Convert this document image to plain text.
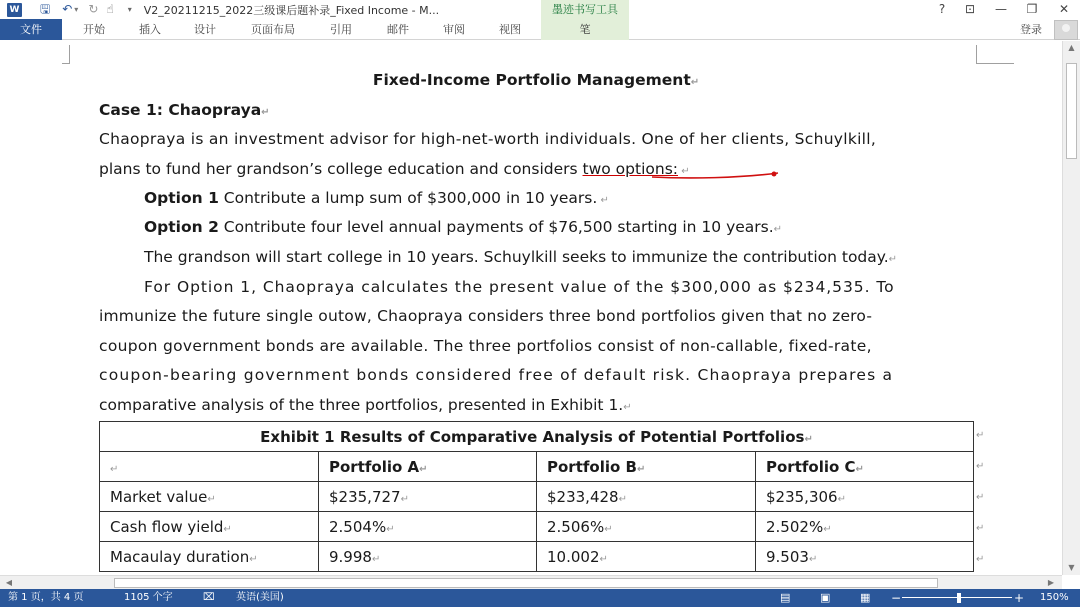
W 🖫 ↶ ▾ ↻ ☝ ▾ V2_20211215_2022三级课后题补录_Fixed Income - M...	墨迹书写工具	?	⊡	—	❐	✕
文件	开始	插入	设计	页面布局	引用	邮件	审阅	视图	笔	登录
Fixed-Income Portfolio Management↵
Case 1: Chaopraya↵
Chaopraya is an investment advisor for high-net-worth individuals. One of her clients, Schuylkill,
plans to fund her grandson’s college education and considers two options: ↵
Option 1 Contribute a lump sum of $300,000 in 10 years. ↵
Option 2 Contribute four level annual payments of $76,500 starting in 10 years.↵
The grandson will start college in 10 years. Schuylkill seeks to immunize the contribution today.↵
For Option 1, Chaopraya calculates the present value of the $300,000 as $234,535. To
immunize the future single outow, Chaopraya considers three bond portfolios given that no zero-
coupon government bonds are available. The three portfolios consist of non-callable, fixed-rate,
coupon-bearing government bonds considered free of default risk. Chaopraya prepares a
comparative analysis of the three portfolios, presented in Exhibit 1.↵
Exhibit 1 Results of Comparative Analysis of Potential Portfolios↵			
↵	Portfolio A↵	Portfolio B↵	Portfolio C↵
Market value↵	$235,727↵	$233,428↵	$235,306↵
Cash flow yield↵	2.504%↵	2.506%↵	2.502%↵
Macaulay duration↵	9.998↵	10.002↵	9.503↵
↵
↵
↵
↵
↵
▲
▼
◀	▶
第 1 页，共 4 页	1105 个字	⌧ 英语(美国)	▤	▣	▦ −	+ 150%
